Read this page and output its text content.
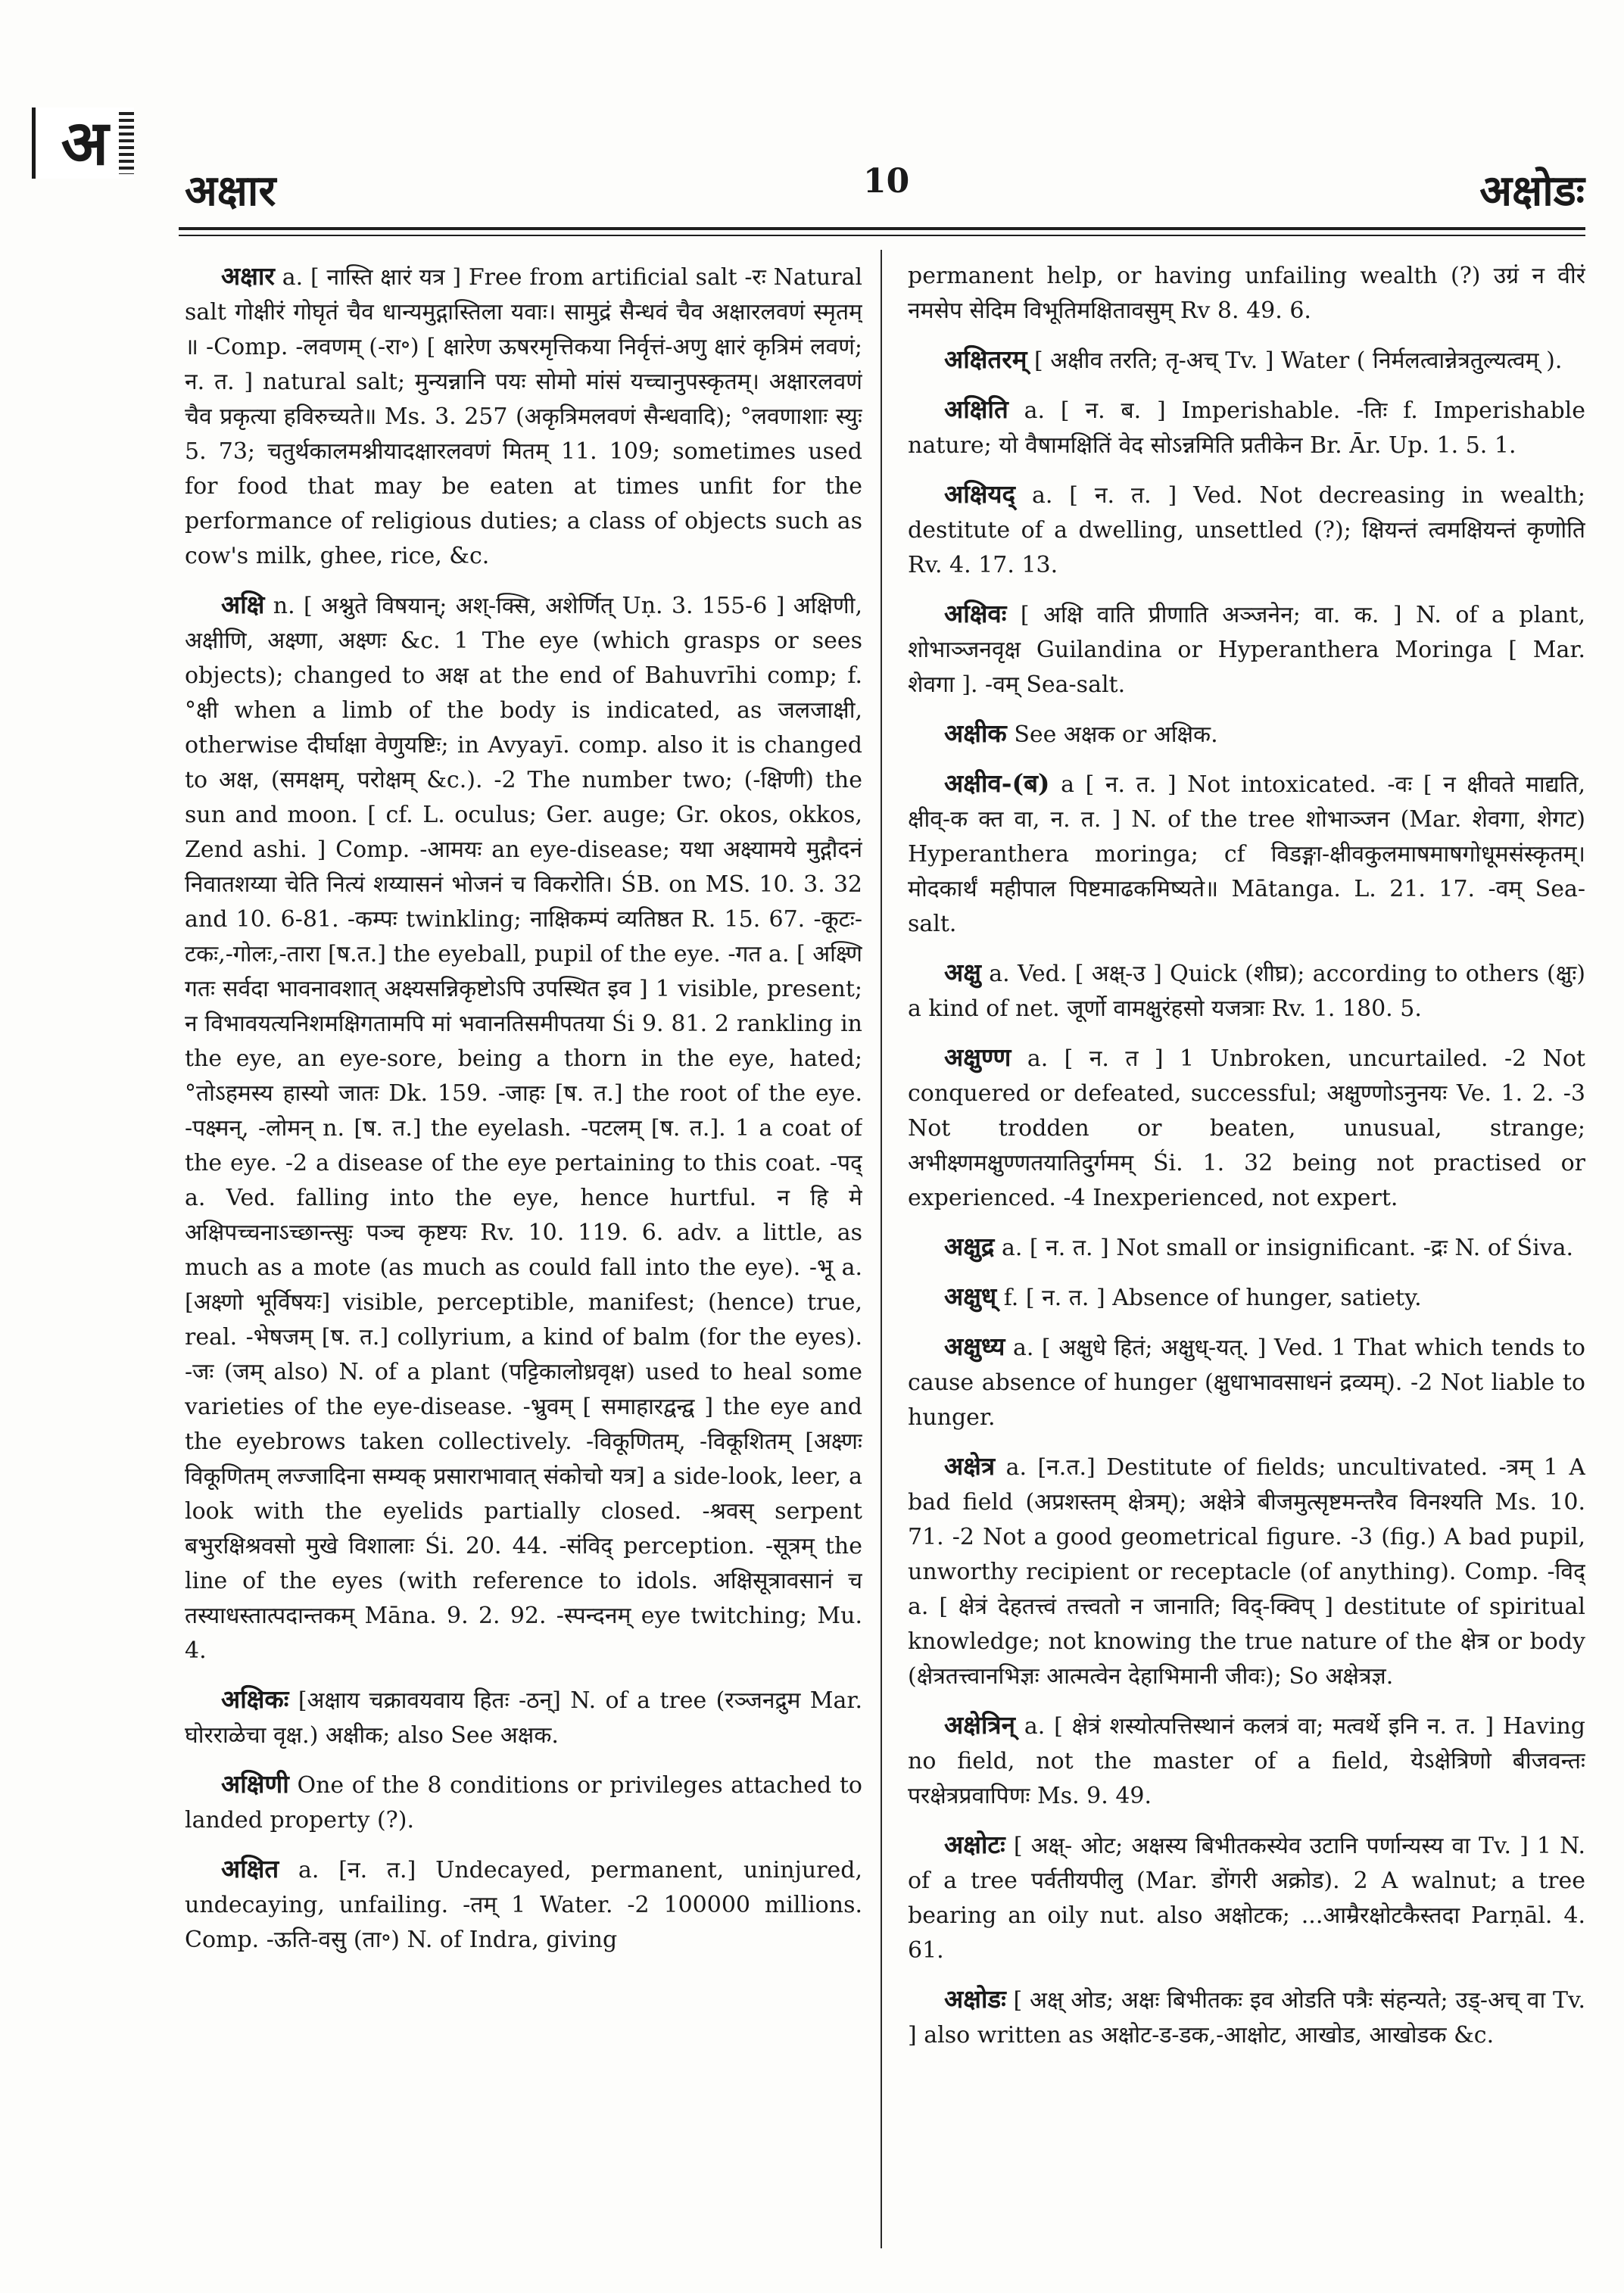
अ
अक्षार	10	अक्षोडः

अक्षार a. [ नास्ति क्षारं यत्र ] Free from artificial salt -रः Natural salt गोक्षीरं गोघृतं चैव धान्यमुद्गास्तिला यवाः। सामुद्रं सैन्धवं चैव अक्षारलवणं स्मृतम् ॥ -Comp. -लवणम् (-रा॰) [ क्षारेण ऊषरमृत्तिकया निर्वृत्तं-अणु क्षारं कृत्रिमं लवणं; न. त. ] natural salt; मुन्यन्नानि पयः सोमो मांसं यच्चानुपस्कृतम्। अक्षारलवणं चैव प्रकृत्या हविरुच्यते॥ Ms. 3. 257 (अकृत्रिमलवणं सैन्धवादि); °लवणाशाः स्युः 5. 73; चतुर्थकालमश्नीयादक्षारलवणं मितम् 11. 109; sometimes used for food that may be eaten at times unfit for the performance of religious duties; a class of objects such as cow's milk, ghee, rice, &c.

अक्षि n. [ अश्नुते विषयान्; अश्-क्सि, अशेर्णित् Uṇ. 3. 155-6 ] अक्षिणी, अक्षीणि, अक्ष्णा, अक्ष्णः &c. 1 The eye (which grasps or sees objects); changed to अक्ष at the end of Bahuvrīhi comp; f. °क्षी when a limb of the body is indicated, as जलजाक्षी, otherwise दीर्घाक्षा वेणुयष्टिः; in Avyayī. comp. also it is changed to अक्ष, (समक्षम्, परोक्षम् &c.). -2 The number two; (-क्षिणी) the sun and moon. [ cf. L. oculus; Ger. auge; Gr. okos, okkos, Zend ashi. ] Comp. -आमयः an eye-disease; यथा अक्ष्यामये मुद्गौदनं निवातशय्या चेति नित्यं शय्यासनं भोजनं च विकरोति। ŚB. on MS. 10. 3. 32 and 10. 6-81. -कम्पः twinkling; नाक्षिकम्पं व्यतिष्ठत R. 15. 67. -कूटः-टकः,-गोलः,-तारा [ष.त.] the eyeball, pupil of the eye. -गत a. [ अक्ष्णि गतः सर्वदा भावनावशात् अक्ष्यसन्निकृष्टोऽपि उपस्थित इव ] 1 visible, present; न विभावयत्यनिशमक्षिगतामपि मां भवानतिसमीपतया Śi 9. 81. 2 rankling in the eye, an eye-sore, being a thorn in the eye, hated; °तोऽहमस्य हास्यो जातः Dk. 159. -जाहः [ष. त.] the root of the eye. -पक्ष्मन्, -लोमन् n. [ष. त.] the eyelash. -पटलम् [ष. त.]. 1 a coat of the eye. -2 a disease of the eye pertaining to this coat. -पद् a. Ved. falling into the eye, hence hurtful. न हि मे अक्षिपच्चनाऽच्छान्त्सुः पञ्च कृष्टयः Rv. 10. 119. 6. adv. a little, as much as a mote (as much as could fall into the eye). -भू a. [अक्ष्णो भूर्विषयः] visible, perceptible, manifest; (hence) true, real. -भेषजम् [ष. त.] collyrium, a kind of balm (for the eyes). -जः (जम् also) N. of a plant (पट्टिकालोध्रवृक्ष) used to heal some varieties of the eye-disease. -भ्रुवम् [ समाहारद्वन्द्व ] the eye and the eyebrows taken collectively. -विकूणितम्, -विकूशितम् [अक्ष्णः विकूणितम् लज्जादिना सम्यक् प्रसाराभावात् संकोचो यत्र] a side-look, leer, a look with the eyelids partially closed. -श्रवस् serpent बभुरक्षिश्रवसो मुखे विशालाः Śi. 20. 44. -संविद् perception. -सूत्रम् the line of the eyes (with reference to idols. अक्षिसूत्रावसानं च तस्याधस्तात्पदान्तकम् Māna. 9. 2. 92. -स्पन्दनम् eye twitching; Mu. 4.

अक्षिकः [अक्षाय चक्रावयवाय हितः -ठन्] N. of a tree (रञ्जनद्रुम Mar. घोरराळेचा वृक्ष.) अक्षीक; also See अक्षक.

अक्षिणी One of the 8 conditions or privileges attached to landed property (?).

अक्षित a. [न. त.] Undecayed, permanent, uninjured, undecaying, unfailing. -तम् 1 Water. -2 100000 millions. Comp. -ऊति-वसु (ता॰) N. of Indra, giving

permanent help, or having unfailing wealth (?) उग्रं न वीरं नमसेप सेदिम विभूतिमक्षितावसुम् Rv 8. 49. 6.

अक्षितरम् [ अक्षीव तरति; तृ-अच् Tv. ] Water ( निर्मलत्वान्नेत्रतुल्यत्वम् ).

अक्षिति a. [ न. ब. ] Imperishable. -तिः f. Imperishable nature; यो वैषामक्षितिं वेद सोऽन्नमिति प्रतीकेन Br. Ār. Up. 1. 5. 1.

अक्षियद् a. [ न. त. ] Ved. Not decreasing in wealth; destitute of a dwelling, unsettled (?); क्षियन्तं त्वमक्षियन्तं कृणोति Rv. 4. 17. 13.

अक्षिवः [ अक्षि वाति प्रीणाति अञ्जनेन; वा. क. ] N. of a plant, शोभाञ्जनवृक्ष Guilandina or Hyperanthera Moringa [ Mar. शेवगा ]. -वम् Sea-salt.

अक्षीक See अक्षक or अक्षिक.

अक्षीव-(ब) a [ न. त. ] Not intoxicated. -वः [ न क्षीवते माद्यति, क्षीव्-क क्त वा, न. त. ] N. of the tree शोभाञ्जन (Mar. शेवगा, शेगट) Hyperanthera moringa; cf विडङ्गा-क्षीवकुलमाषमाषगोधूमसंस्कृतम्। मोदकार्थं महीपाल पिष्टमाढकमिष्यते॥ Mātanga. L. 21. 17. -वम् Sea-salt.

अक्षु a. Ved. [ अक्ष्-उ ] Quick (शीघ्र); according to others (क्षुः) a kind of net. जूर्णो वामक्षुरंहसो यजत्राः Rv. 1. 180. 5.

अक्षुण्ण a. [ न. त ] 1 Unbroken, uncurtailed. -2 Not conquered or defeated, successful; अक्षुण्णोऽनुनयः Ve. 1. 2. -3 Not trodden or beaten, unusual, strange; अभीक्ष्णमक्षुण्णतयातिदुर्गमम् Śi. 1. 32 being not practised or experienced. -4 Inexperienced, not expert.

अक्षुद्र a. [ न. त. ] Not small or insignificant. -द्रः N. of Śiva.

अक्षुध् f. [ न. त. ] Absence of hunger, satiety.

अक्षुध्य a. [ अक्षुधे हितं; अक्षुध्-यत्. ] Ved. 1 That which tends to cause absence of hunger (क्षुधाभावसाधनं द्रव्यम्). -2 Not liable to hunger.

अक्षेत्र a. [न.त.] Destitute of fields; uncultivated. -त्रम् 1 A bad field (अप्रशस्तम् क्षेत्रम्); अक्षेत्रे बीजमुत्सृष्टमन्तरैव विनश्यति Ms. 10. 71. -2 Not a good geometrical figure. -3 (fig.) A bad pupil, unworthy recipient or receptacle (of anything). Comp. -विद् a. [ क्षेत्रं देहतत्त्वं तत्त्वतो न जानाति; विद्-क्विप् ] destitute of spiritual knowledge; not knowing the true nature of the क्षेत्र or body (क्षेत्रतत्त्वानभिज्ञः आत्मत्वेन देहाभिमानी जीवः); So अक्षेत्रज्ञ.

अक्षेत्रिन् a. [ क्षेत्रं शस्योत्पत्तिस्थानं कलत्रं वा; मत्वर्थे इनि न. त. ] Having no field, not the master of a field, येऽक्षेत्रिणो बीजवन्तः परक्षेत्रप्रवापिणः Ms. 9. 49.

अक्षोटः [ अक्ष्- ओट; अक्षस्य बिभीतकस्येव उटानि पर्णान्यस्य वा Tv. ] 1 N. of a tree पर्वतीयपीलु (Mar. डोंगरी अक्रोड). 2 A walnut; a tree bearing an oily nut. also अक्षोटक; ...आम्रैरक्षोटकैस्तदा Parṇāl. 4. 61.

अक्षोडः [ अक्ष् ओड; अक्षः बिभीतकः इव ओडति पत्रैः संहन्यते; उड्-अच् वा Tv. ] also written as अक्षोट-ड-डक,-आक्षोट, आखोड, आखोडक &c.
